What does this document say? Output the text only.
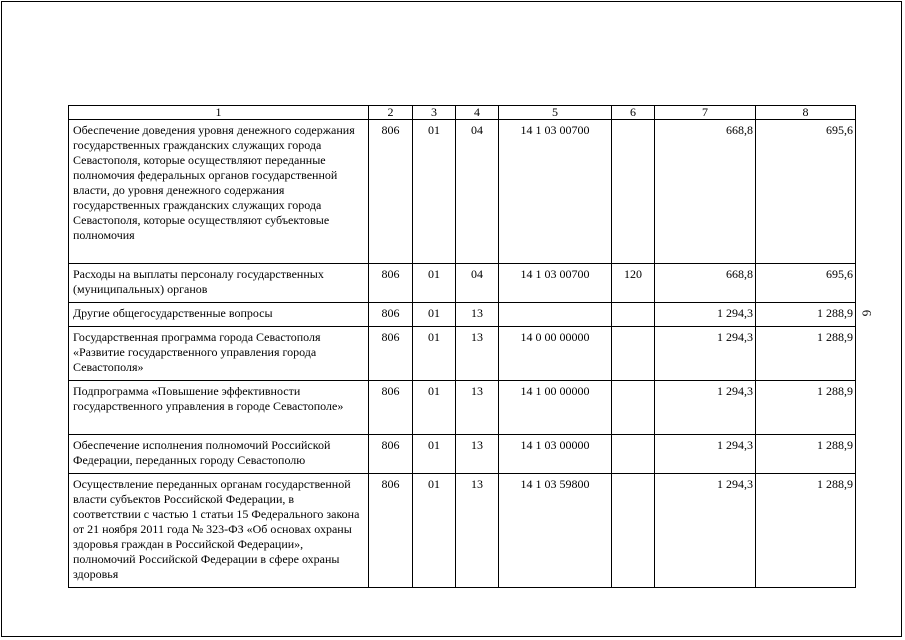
1	2	3	4	5	6	7	8
Обеспечение доведения уровня денежного содержания государственных гражданских служащих города Севастополя, которые осуществляют переданные полномочия федеральных органов государственной власти, до уровня денежного содержания государственных гражданских служащих города Севастополя, которые осуществляют субъектовые полномочия	806	01	04	14 1 03 00700		668,8	695,6
Расходы на выплаты персоналу государственных (муниципальных) органов	806	01	04	14 1 03 00700	120	668,8	695,6
Другие общегосударственные вопросы	806	01	13			1 294,3	1 288,9
Государственная программа города Севастополя «Развитие государственного управления города Севастополя»	806	01	13	14 0 00 00000		1 294,3	1 288,9
Подпрограмма «Повышение эффективности государственного управления в городе Севастополе»	806	01	13	14 1 00 00000		1 294,3	1 288,9
Обеспечение исполнения полномочий Российской Федерации, переданных городу Севастополю	806	01	13	14 1 03 00000		1 294,3	1 288,9
Осуществление переданных органам государственной власти субъектов Российской Федерации, в соответствии с частью 1 статьи 15 Федерального закона от 21 ноября 2011 года № 323-ФЗ «Об основах охраны здоровья граждан в Российской Федерации», полномочий Российской Федерации в сфере охраны здоровья	806	01	13	14 1 03 59800		1 294,3	1 288,9
6
